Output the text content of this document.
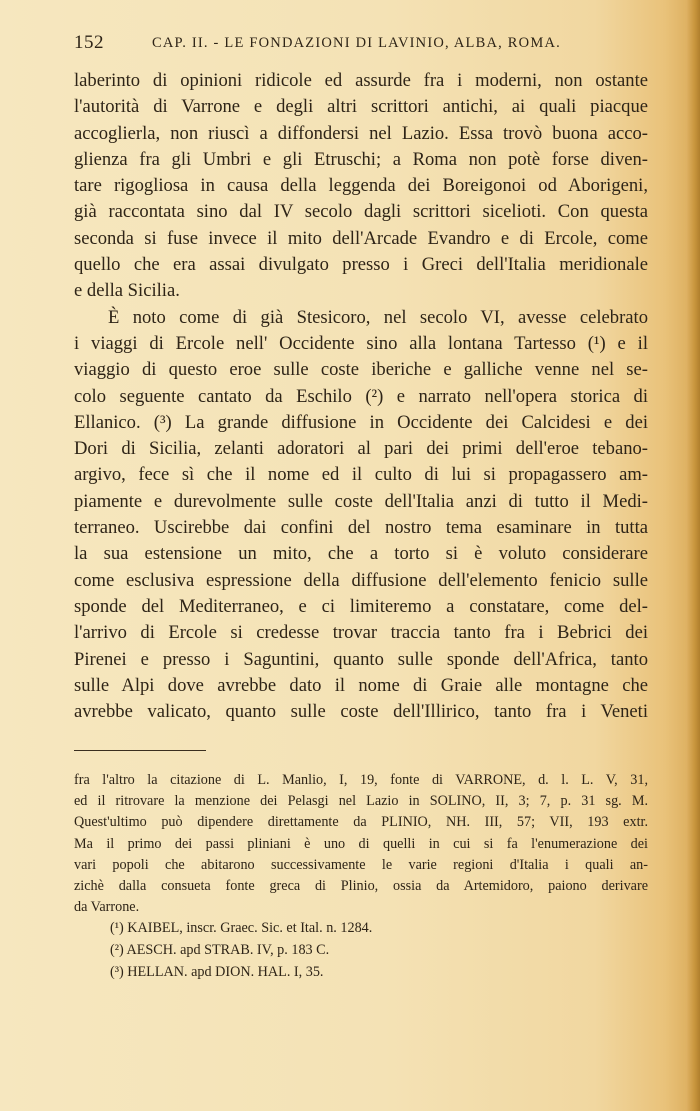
152	CAP. II. - LE FONDAZIONI DI LAVINIO, ALBA, ROMA.
laberinto di opinioni ridicole ed assurde fra i moderni, non ostante
l'autorità di Varrone e degli altri scrittori antichi, ai quali piacque
accoglierla, non riuscì a diffondersi nel Lazio. Essa trovò buona acco-
glienza fra gli Umbri e gli Etruschi; a Roma non potè forse diven-
tare rigogliosa in causa della leggenda dei Boreigonoi od Aborigeni,
già raccontata sino dal IV secolo dagli scrittori sicelioti. Con questa
seconda si fuse invece il mito dell'Arcade Evandro e di Ercole, come
quello che era assai divulgato presso i Greci dell'Italia meridionale
e della Sicilia.
È noto come di già Stesicoro, nel secolo VI, avesse celebrato
i viaggi di Ercole nell' Occidente sino alla lontana Tartesso (¹) e il
viaggio di questo eroe sulle coste iberiche e galliche venne nel se-
colo seguente cantato da Eschilo (²) e narrato nell'opera storica di
Ellanico. (³) La grande diffusione in Occidente dei Calcidesi e dei
Dori di Sicilia, zelanti adoratori al pari dei primi dell'eroe tebano-
argivo, fece sì che il nome ed il culto di lui si propagassero am-
piamente e durevolmente sulle coste dell'Italia anzi di tutto il Medi-
terraneo. Uscirebbe dai confini del nostro tema esaminare in tutta
la sua estensione un mito, che a torto si è voluto considerare
come esclusiva espressione della diffusione dell'elemento fenicio sulle
sponde del Mediterraneo, e ci limiteremo a constatare, come del-
l'arrivo di Ercole si credesse trovar traccia tanto fra i Bebrici dei
Pirenei e presso i Saguntini, quanto sulle sponde dell'Africa, tanto
sulle Alpi dove avrebbe dato il nome di Graie alle montagne che
avrebbe valicato, quanto sulle coste dell'Illirico, tanto fra i Veneti
fra l'altro la citazione di L. Manlio, I, 19, fonte di VARRONE, d. l. L. V, 31,
ed il ritrovare la menzione dei Pelasgi nel Lazio in SOLINO, II, 3; 7, p. 31 sg. M.
Quest'ultimo può dipendere direttamente da PLINIO, NH. III, 57; VII, 193 extr.
Ma il primo dei passi pliniani è uno di quelli in cui si fa l'enumerazione dei
vari popoli che abitarono successivamente le varie regioni d'Italia i quali an-
zichè dalla consueta fonte greca di Plinio, ossia da Artemidoro, paiono derivare
da Varrone.
(¹) KAIBEL, inscr. Graec. Sic. et Ital. n. 1284.
(²) AESCH. apd STRAB. IV, p. 183 C.
(³) HELLAN. apd DION. HAL. I, 35.
